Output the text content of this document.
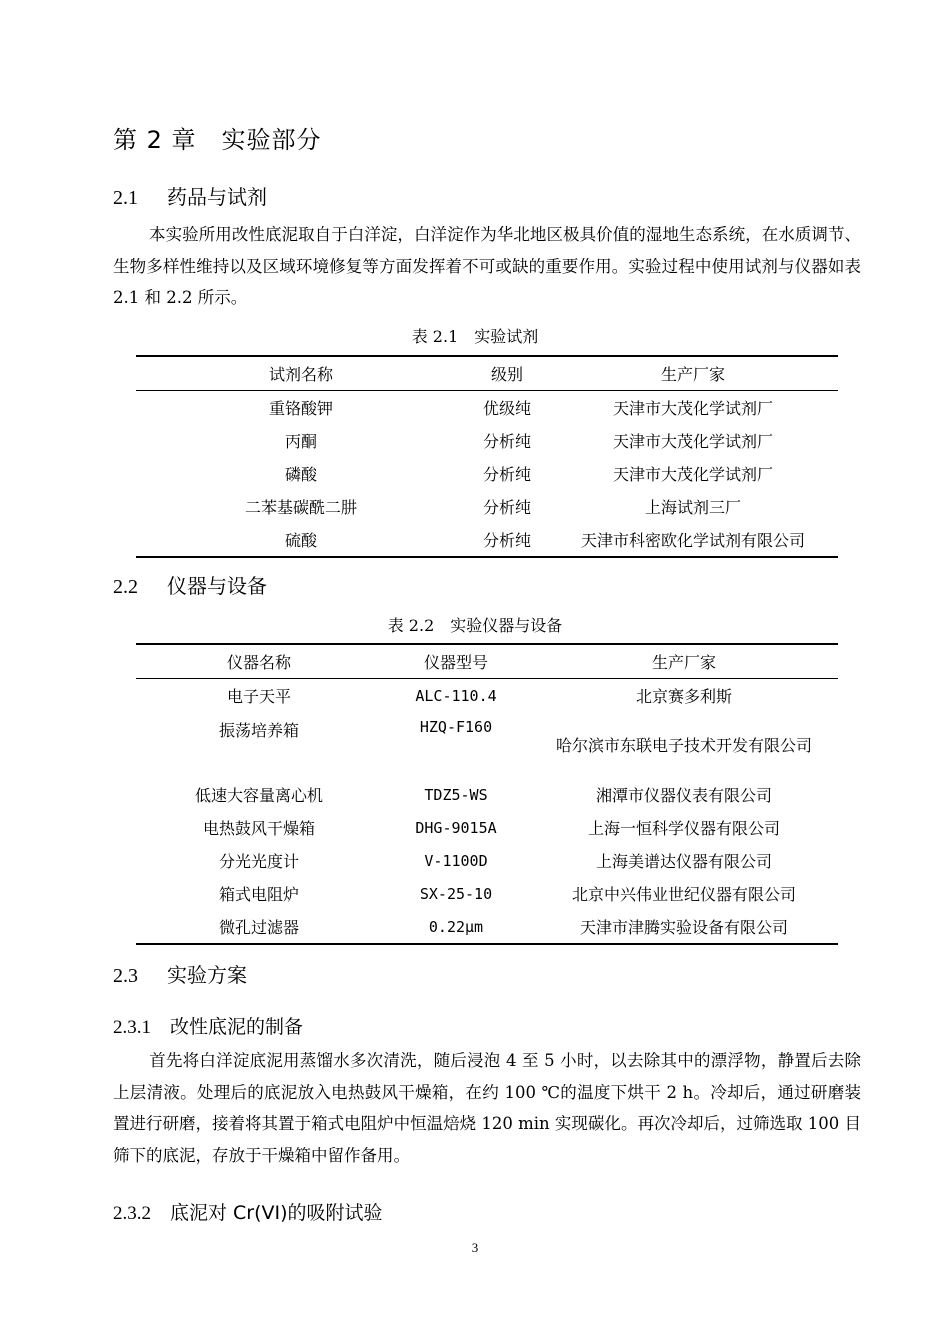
第 2 章　实验部分
2.1 药品与试剂

本实验所用改性底泥取自于白洋淀，白洋淀作为华北地区极具价值的湿地生态系统，在水质调节、生物多样性维持以及区域环境修复等方面发挥着不可或缺的重要作用。实验过程中使用试剂与仪器如表 2.1 和 2.2 所示。

表 2.1　实验试剂
试剂名称	级别	生产厂家
重铬酸钾	优级纯	天津市大茂化学试剂厂
丙酮	分析纯	天津市大茂化学试剂厂
磷酸	分析纯	天津市大茂化学试剂厂
二苯基碳酰二肼	分析纯	上海试剂三厂
硫酸	分析纯	天津市科密欧化学试剂有限公司
2.2 仪器与设备
表 2.2　实验仪器与设备
仪器名称	仪器型号	生产厂家
电子天平	ALC-110.4	北京赛多利斯
振荡培养箱	HZQ-F160	哈尔滨市东联电子技术开发有限公司
低速大容量离心机	TDZ5-WS	湘潭市仪器仪表有限公司
电热鼓风干燥箱	DHG-9015A	上海一恒科学仪器有限公司
分光光度计	V-1100D	上海美谱达仪器有限公司
箱式电阻炉	SX-25-10	北京中兴伟业世纪仪器有限公司
微孔过滤器	0.22μm	天津市津腾实验设备有限公司
2.3 实验方案
2.3.1 改性底泥的制备

首先将白洋淀底泥用蒸馏水多次清洗，随后浸泡 4 至 5 小时，以去除其中的漂浮物，静置后去除上层清液。处理后的底泥放入电热鼓风干燥箱，在约 100 ℃的温度下烘干 2 h。冷却后，通过研磨装置进行研磨，接着将其置于箱式电阻炉中恒温焙烧 120 min 实现碳化。再次冷却后，过筛选取 100 目筛下的底泥，存放于干燥箱中留作备用。

2.3.2 底泥对 Cr(VI)的吸附试验
3
